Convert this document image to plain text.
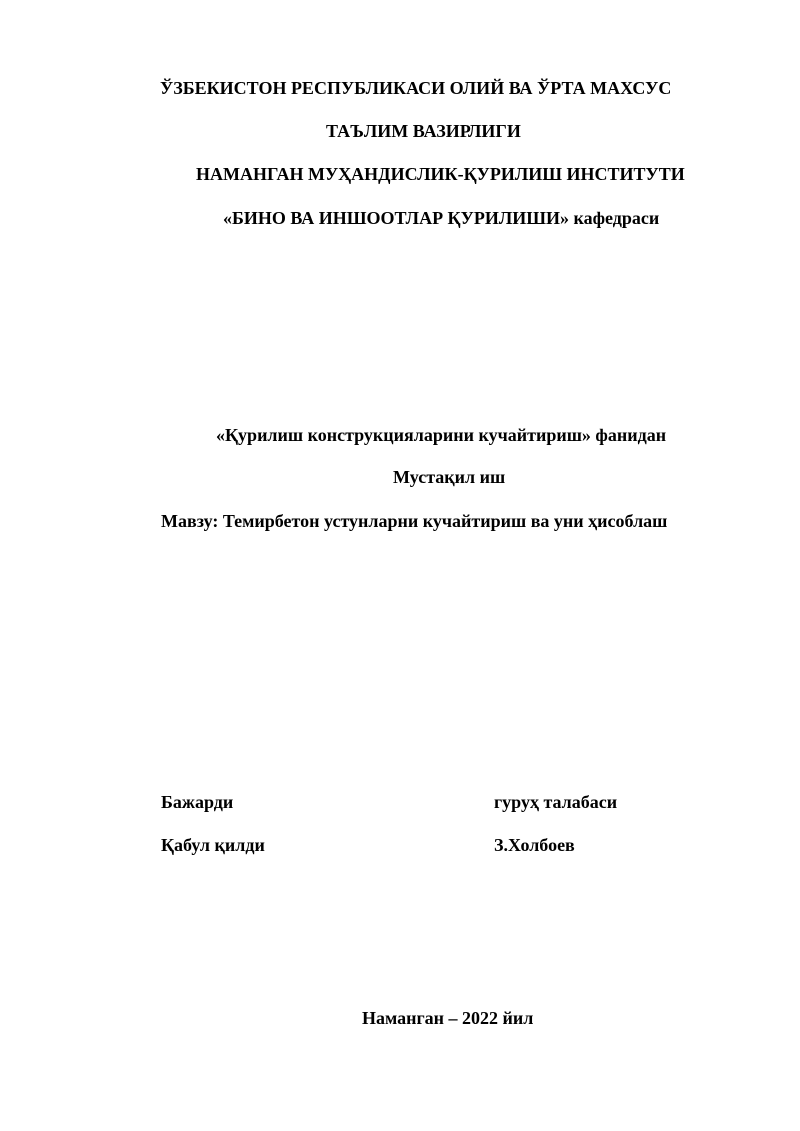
ЎЗБЕКИСТОН РЕСПУБЛИКАСИ ОЛИЙ ВА ЎРТА МАХСУС
ТАЪЛИМ ВАЗИРЛИГИ
НАМАНГАН МУҲАНДИСЛИК-ҚУРИЛИШ ИНСТИТУТИ
«БИНО ВА ИНШООТЛАР ҚУРИЛИШИ» кафедраси
«Қурилиш конструкцияларини кучайтириш» фанидан
Мустақил иш
Мавзу: Темирбетон устунларни кучайтириш ва уни ҳисоблаш
Бажарди	гуруҳ талабаси
Қабул қилди	З.Холбоев
Наманган – 2022 йил
